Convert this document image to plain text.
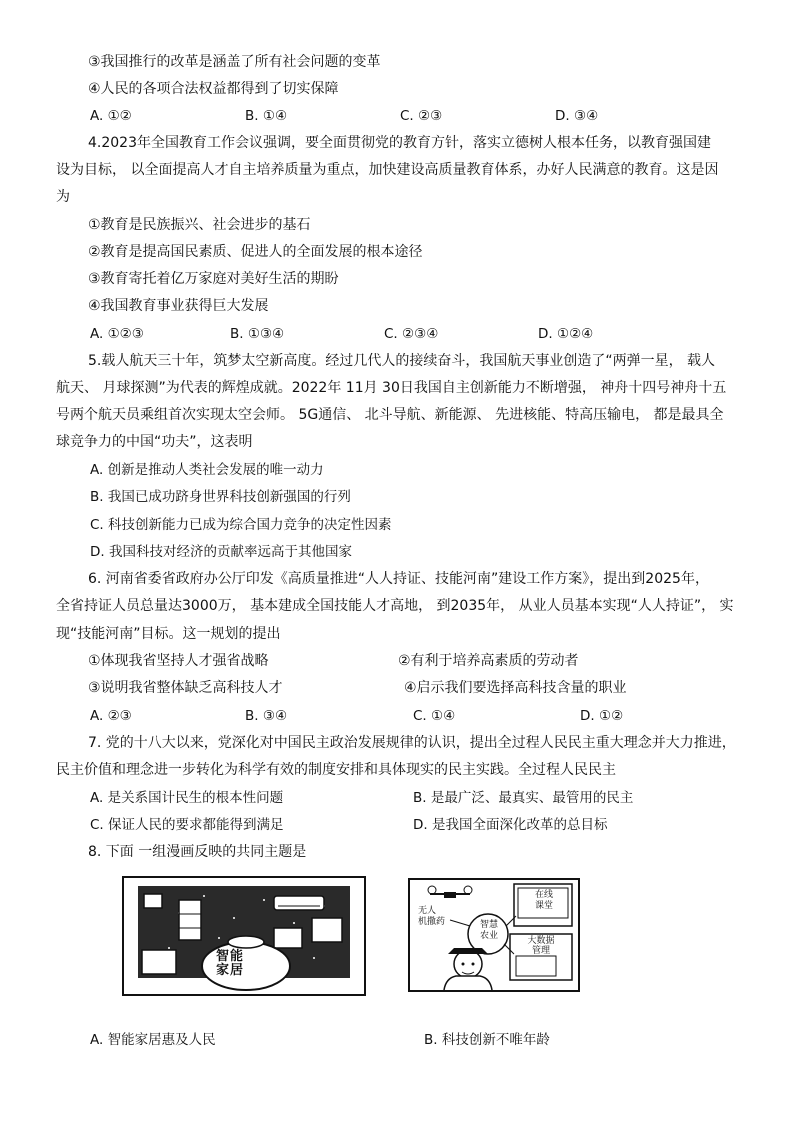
③我国推行的改革是涵盖了所有社会问题的变革
④人民的各项合法权益都得到了切实保障
A. ①②	B. ①④	C. ②③	D. ③④
4.2023年全国教育工作会议强调，要全面贯彻党的教育方针，落实立德树人根本任务，以教育强国建
设为目标， 以全面提高人才自主培养质量为重点，加快建设高质量教育体系，办好人民满意的教育。这是因
为
①教育是民族振兴、社会进步的基石
②教育是提高国民素质、促进人的全面发展的根本途径
③教育寄托着亿万家庭对美好生活的期盼
④我国教育事业获得巨大发展
A. ①②③	B. ①③④	C. ②③④	D. ①②④
5.载人航天三十年，筑梦太空新高度。经过几代人的接续奋斗，我国航天事业创造了“两弹一星， 载人
航天、 月球探测”为代表的辉煌成就。2022年 11月 30日我国自主创新能力不断增强， 神舟十四号神舟十五
号两个航天员乘组首次实现太空会师。 5G通信、 北斗导航、新能源、 先进核能、特高压输电， 都是最具全
球竞争力的中国“功夫”，这表明
A. 创新是推动人类社会发展的唯一动力
B. 我国已成功跻身世界科技创新强国的行列
C. 科技创新能力已成为综合国力竞争的决定性因素
D. 我国科技对经济的贡献率远高于其他国家
6. 河南省委省政府办公厅印发《高质量推进“人人持证、技能河南”建设工作方案》，提出到2025年，
全省持证人员总量达3000万， 基本建成全国技能人才高地， 到2035年， 从业人员基本实现“人人持证”， 实
现“技能河南”目标。这一规划的提出
①体现我省坚持人才强省战略	②有利于培养高素质的劳动者
③说明我省整体缺乏高科技人才	④启示我们要选择高科技含量的职业
A. ②③	B. ③④	C. ①④	D. ①②
7. 党的十八大以来，党深化对中国民主政治发展规律的认识，提出全过程人民民主重大理念并大力推进，
民主价值和理念进一步转化为科学有效的制度安排和具体现实的民主实践。全过程人民民主
A. 是关系国计民生的根本性问题	B. 是最广泛、最真实、最管用的民主
C. 保证人民的要求都能得到满足	D. 是我国全面深化改革的总目标
8. 下面 一组漫画反映的共同主题是
智能
家居
无人
机撒药	智慧
农业
在线
课堂
大数据
管理
A. 智能家居惠及人民	B. 科技创新不唯年龄
